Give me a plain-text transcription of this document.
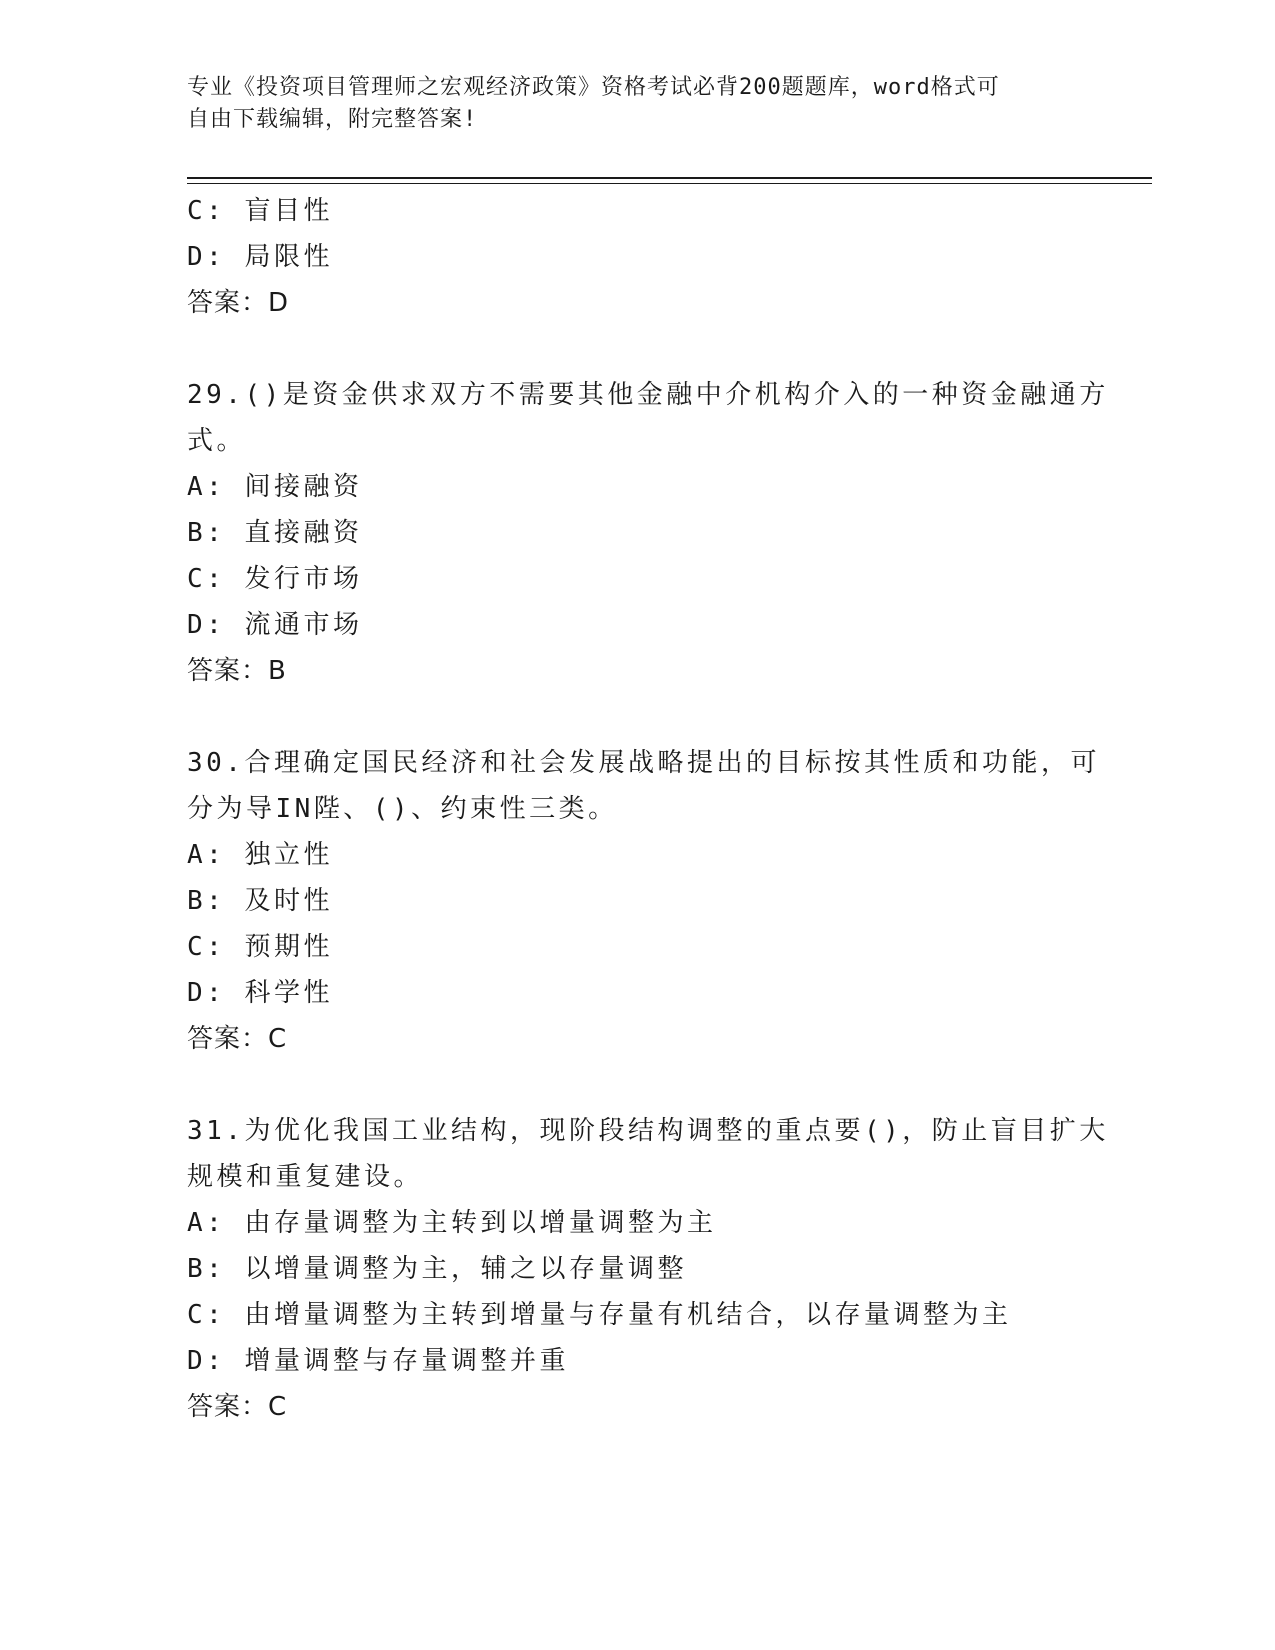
专业《投资项目管理师之宏观经济政策》资格考试必背200题题库，word格式可
自由下载编辑，附完整答案!
C: 盲目性
D: 局限性
答案：D
29.()是资金供求双方不需要其他金融中介机构介入的一种资金融通方
式。
A: 间接融资
B: 直接融资
C: 发行市场
D: 流通市场
答案：B
30.合理确定国民经济和社会发展战略提出的目标按其性质和功能，可
分为导IN陛、()、约束性三类。
A: 独立性
B: 及时性
C: 预期性
D: 科学性
答案：C
31.为优化我国工业结构，现阶段结构调整的重点要()，防止盲目扩大
规模和重复建设。
A: 由存量调整为主转到以增量调整为主
B: 以增量调整为主，辅之以存量调整
C: 由增量调整为主转到增量与存量有机结合，以存量调整为主
D: 增量调整与存量调整并重
答案：C
